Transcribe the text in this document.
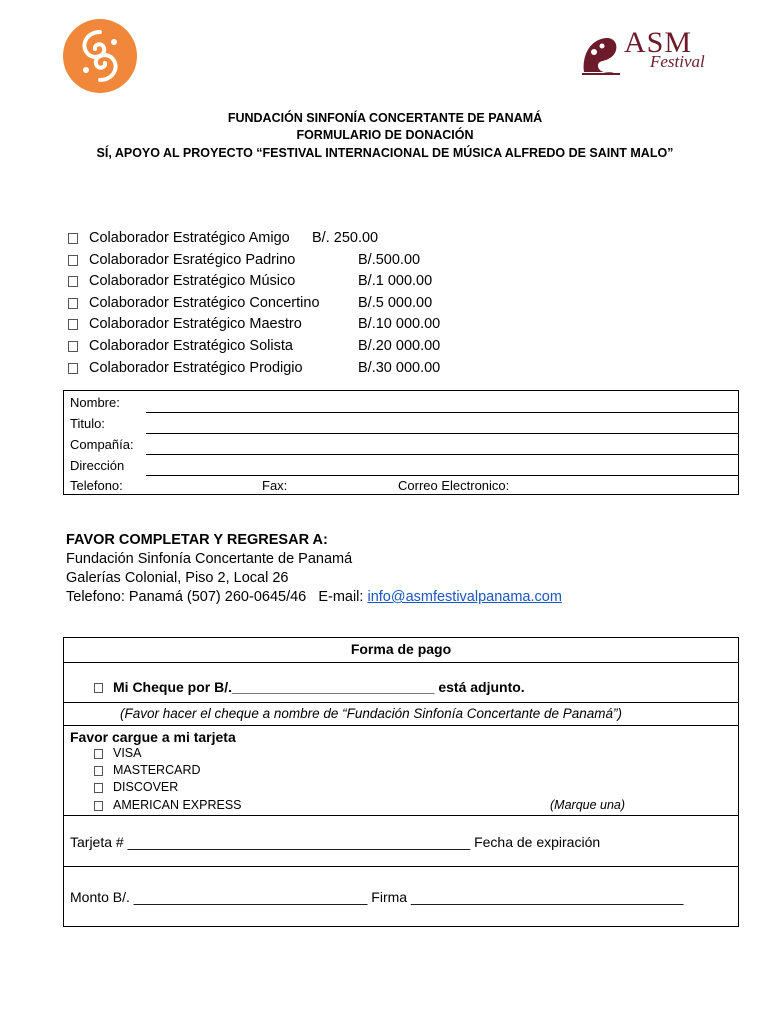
ASM
Festival
FUNDACIÓN SINFONÍA CONCERTANTE DE PANAMÁ
FORMULARIO DE DONACIÓN
SÍ, APOYO AL PROYECTO “FESTIVAL INTERNACIONAL DE MÚSICA ALFREDO DE SAINT MALO”
Colaborador Estratégico Amigo B/. 250.00
Colaborador Esratégico Padrino	B/.500.00
Colaborador Estratégico Músico	B/.1 000.00
Colaborador Estratégico Concertino	B/.5 000.00
Colaborador Estratégico Maestro	B/.10 000.00
Colaborador Estratégico Solista	B/.20 000.00
Colaborador Estratégico Prodigio	B/.30 000.00
Nombre:
Titulo:
Compañía:
Dirección
Telefono:	Fax:	Correo Electronico:
FAVOR COMPLETAR Y REGRESAR A:
Fundación Sinfonía Concertante de Panamá
Galerías Colonial, Piso 2, Local 26
Telefono: Panamá (507) 260-0645/46   E-mail: info@asmfestivalpanama.com
Forma de pago
Mi Cheque por B/.__________________________ está adjunto.
(Favor hacer el cheque a nombre de “Fundación Sinfonía Concertante de Panamá”)
Favor cargue a mi tarjeta
VISA
MASTERCARD
DISCOVER
AMERICAN EXPRESS	(Marque una)
Tarjeta # ____________________________________________ Fecha de expiración
Monto B/. ______________________________ Firma ___________________________________
